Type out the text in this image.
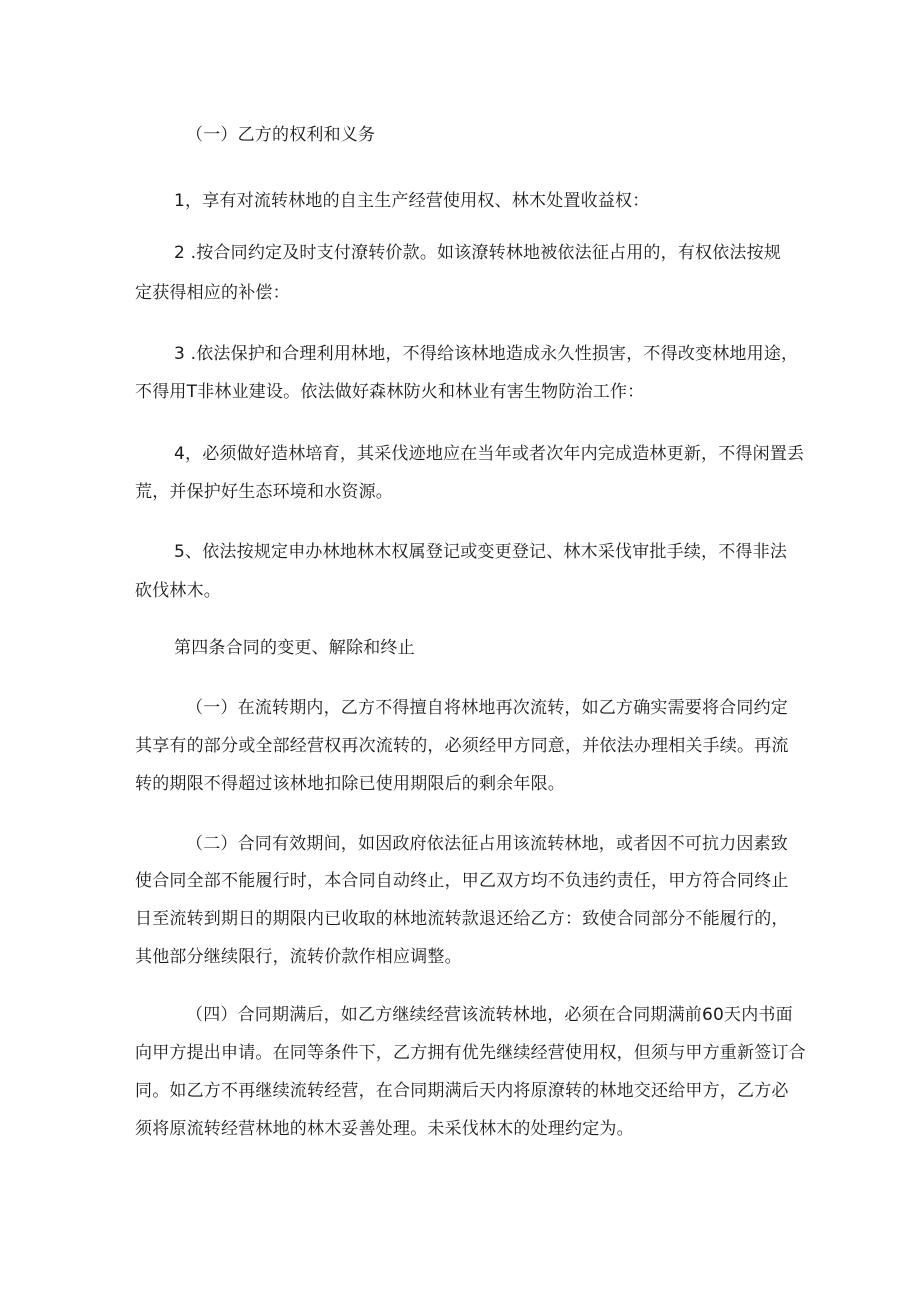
（一）乙方的权利和义务
1，享有对流转林地的自主生产经营使用权、林木处置收益权：
2 .按合同约定及时支付潦转价款。如该潦转林地被依法征占用的，有权依法按规
定获得相应的补偿：
3 .依法保护和合理利用林地，不得给该林地造成永久性损害，不得改变林地用途，
不得用T非林业建设。依法做好森林防火和林业有害生物防治工作：
4，必须做好造林培育，其采伐迹地应在当年或者次年内完成造林更新，不得闲置丢
荒，并保护好生态环境和水资源。
5、依法按规定申办林地林木权属登记或变更登记、林木采伐审批手续，不得非法
砍伐林木。
第四条合同的变更、解除和终止
（一）在流转期内，乙方不得擅自将林地再次流转，如乙方确实需要将合同约定
其享有的部分或全部经营权再次流转的，必须经甲方同意，并依法办理相关手续。再流
转的期限不得超过该林地扣除已使用期限后的剩余年限。
（二）合同有效期间，如因政府依法征占用该流转林地，或者因不可抗力因素致
使合同全部不能履行时，本合同自动终止，甲乙双方均不负违约责任，甲方符合同终止
日至流转到期日的期限内已收取的林地流转款退还给乙方：致使合同部分不能履行的，
其他部分继续限行，流转价款作相应调整。
（四）合同期满后，如乙方继续经营该流转林地，必须在合同期满前60天内书面
向甲方提出申请。在同等条件下，乙方拥有优先继续经营使用权，但须与甲方重新签订合
同。如乙方不再继续流转经营，在合同期满后天内将原潦转的林地交还给甲方，乙方必
须将原流转经营林地的林木妥善处理。未采伐林木的处理约定为。
